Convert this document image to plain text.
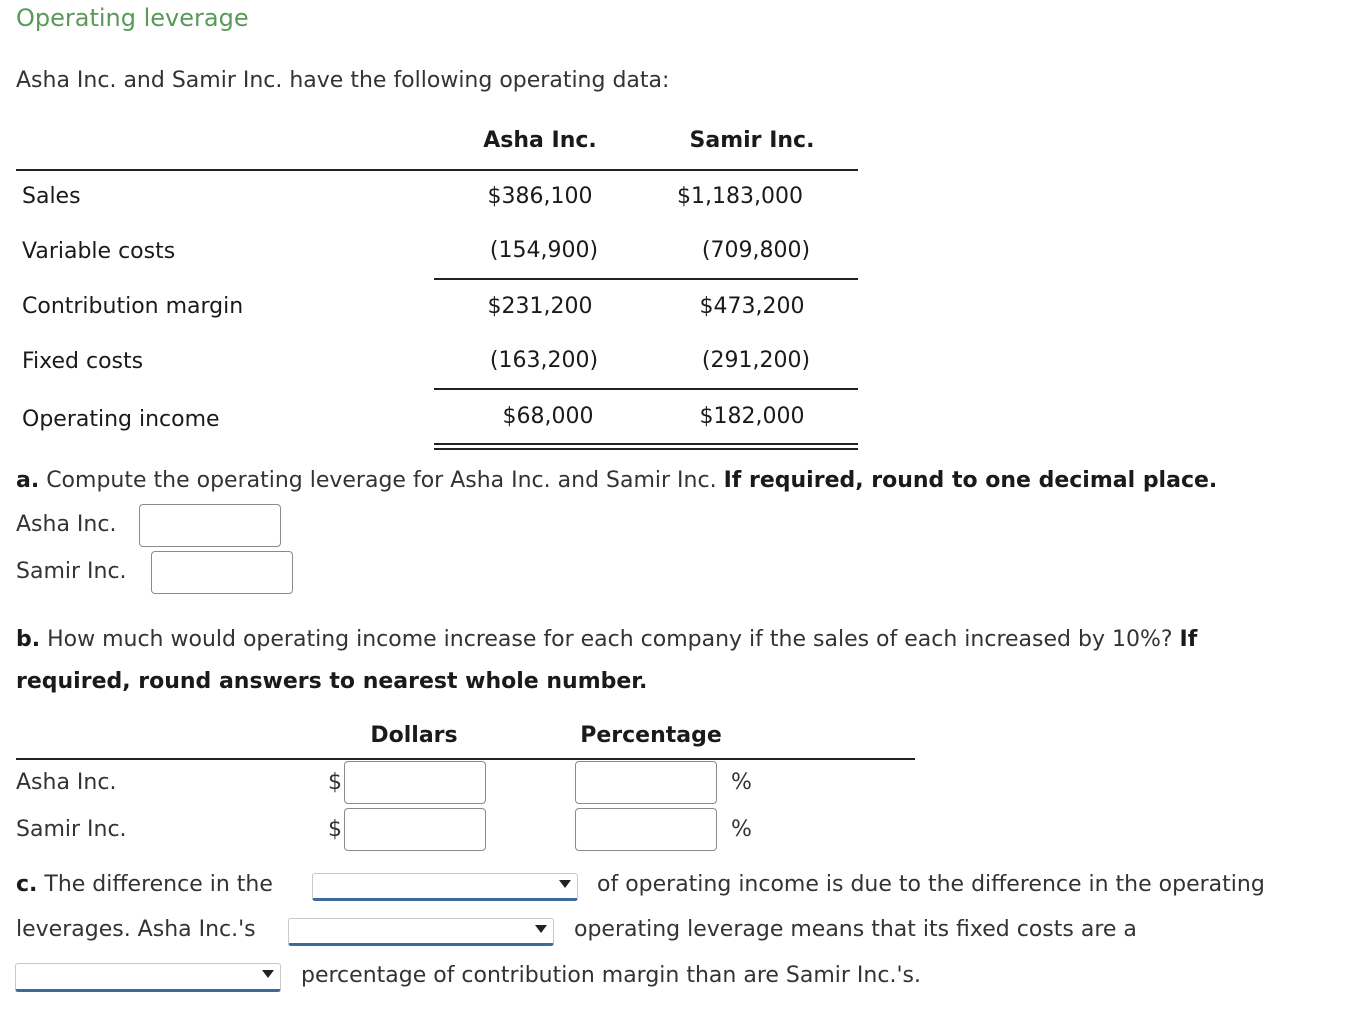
Operating leverage
Asha Inc. and Samir Inc. have the following operating data:
Asha Inc.	Samir Inc.
Sales	$386,100	$1,183,000
Variable costs	(154,900)	(709,800)
Contribution margin	$231,200	$473,200
Fixed costs	(163,200)	(291,200)
Operating income	$68,000	$182,000
a. Compute the operating leverage for Asha Inc. and Samir Inc. If required, round to one decimal place.
Asha Inc.
Samir Inc.
b. How much would operating income increase for each company if the sales of each increased by 10%? If
required, round answers to nearest whole number.
Dollars	Percentage
Asha Inc.	$	%
Samir Inc.	$	%
c. The difference in the	of operating income is due to the difference in the operating
leverages. Asha Inc.'s	operating leverage means that its fixed costs are a
percentage of contribution margin than are Samir Inc.'s.
